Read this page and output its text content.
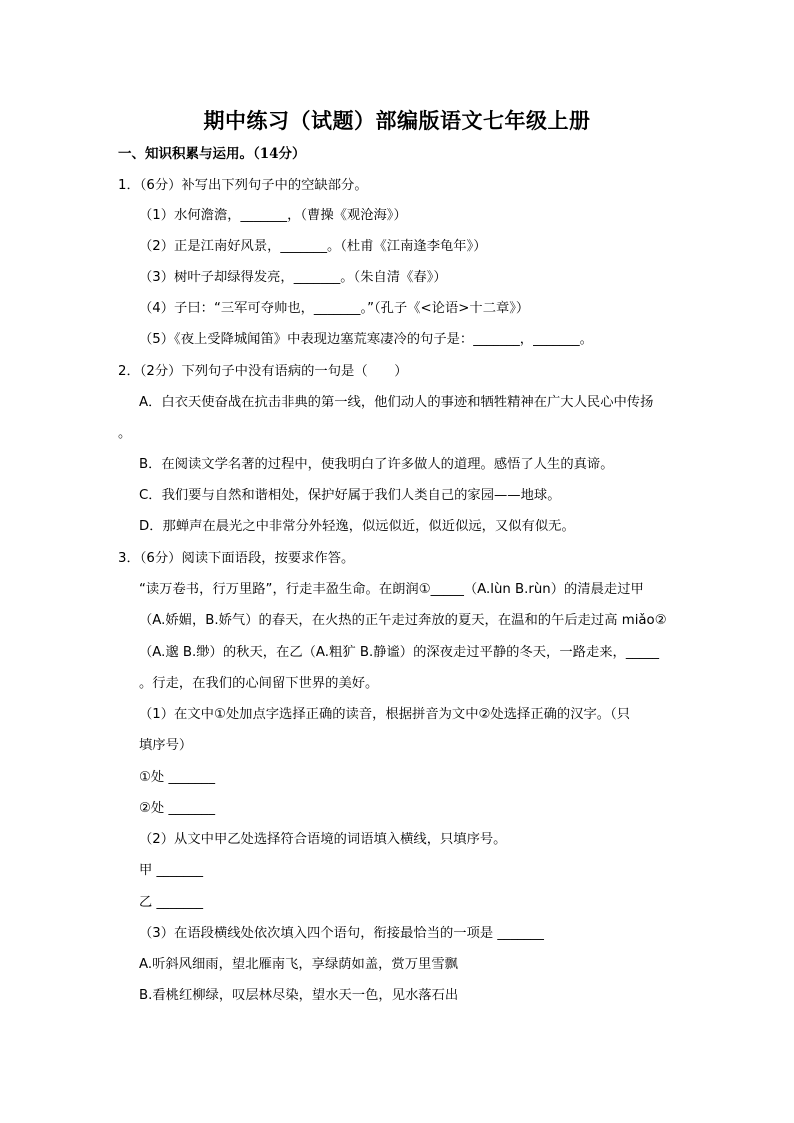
期中练习（试题）部编版语文七年级上册
一、知识积累与运用。（14分）
1．（6分）补写出下列句子中的空缺部分。
（1）水何澹澹，_______，（曹操《观沧海》）
（2）正是江南好风景，_______。（杜甫《江南逢李龟年》）
（3）树叶子却绿得发亮，_______。（朱自清《春》）
（4）子曰：“三军可夺帅也，_______。”（孔子《<论语>十二章》）
（5）《夜上受降城闻笛》中表现边塞荒寒凄冷的句子是：_______，_______。
2．（2分）下列句子中没有语病的一句是（　　）
A．白衣天使奋战在抗击非典的第一线，他们动人的事迹和牺牲精神在广大人民心中传扬
。
B．在阅读文学名著的过程中，使我明白了许多做人的道理。感悟了人生的真谛。
C．我们要与自然和谐相处，保护好属于我们人类自己的家园——地球。
D．那蝉声在晨光之中非常分外轻逸，似远似近，似近似远，又似有似无。
3．（6分）阅读下面语段，按要求作答。
“读万卷书，行万里路”，行走丰盈生命。在朗润①_____（A.lùn B.rùn）的清晨走过甲
（A.娇媚，B.娇气）的春天，在火热的正午走过奔放的夏天，在温和的午后走过高 miǎo②
（A.邈 B.缈）的秋天，在乙（A.粗犷 B.静谧）的深夜走过平静的冬天，一路走来，_____
。行走，在我们的心间留下世界的美好。
（1）在文中①处加点字选择正确的读音，根据拼音为文中②处选择正确的汉字。（只
填序号）
①处 _______
②处 _______
（2）从文中甲乙处选择符合语境的词语填入横线，只填序号。
甲 _______
乙 _______
（3）在语段横线处依次填入四个语句，衔接最恰当的一项是 _______
A.听斜风细雨，望北雁南飞，享绿荫如盖，赏万里雪飘
B.看桃红柳绿，叹层林尽染，望水天一色，见水落石出
